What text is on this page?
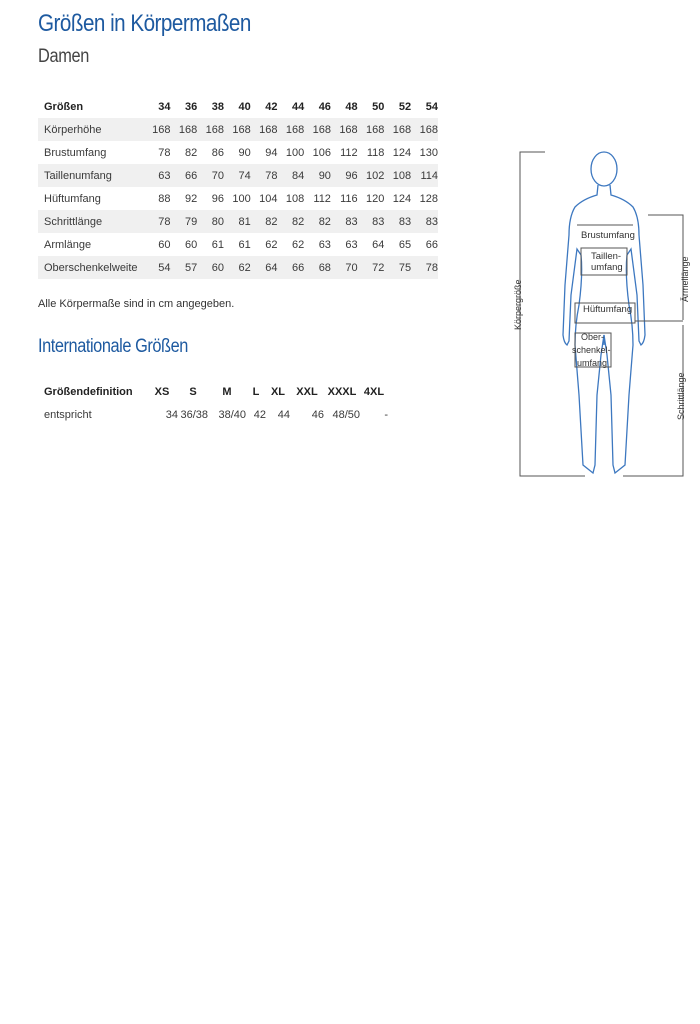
Größen in Körpermaßen
Damen
Größen	34	36	38	40	42	44	46	48	50	52	54
Körperhöhe	168	168	168	168	168	168	168	168	168	168	168
Brustumfang	78	82	86	90	94	100	106	112	118	124	130
Taillenumfang	63	66	70	74	78	84	90	96	102	108	114
Hüftumfang	88	92	96	100	104	108	112	116	120	124	128
Schrittlänge	78	79	80	81	82	82	82	83	83	83	83
Armlänge	60	60	61	61	62	62	63	63	64	65	66
Oberschenkelweite	54	57	60	62	64	66	68	70	72	75	78
Alle Körpermaße sind in cm angegeben.
Internationale Größen
Größendefinition	XS	S	M	L	XL	XXL	XXXL	4XL
entspricht	34	36/38	38/40	42	44	46	48/50	-
Brustumfang
Taillen-
umfang
Hüftumfang
Ober-
schenkel-
umfang
Körpergröße
Ärmellänge
Schrittlänge
